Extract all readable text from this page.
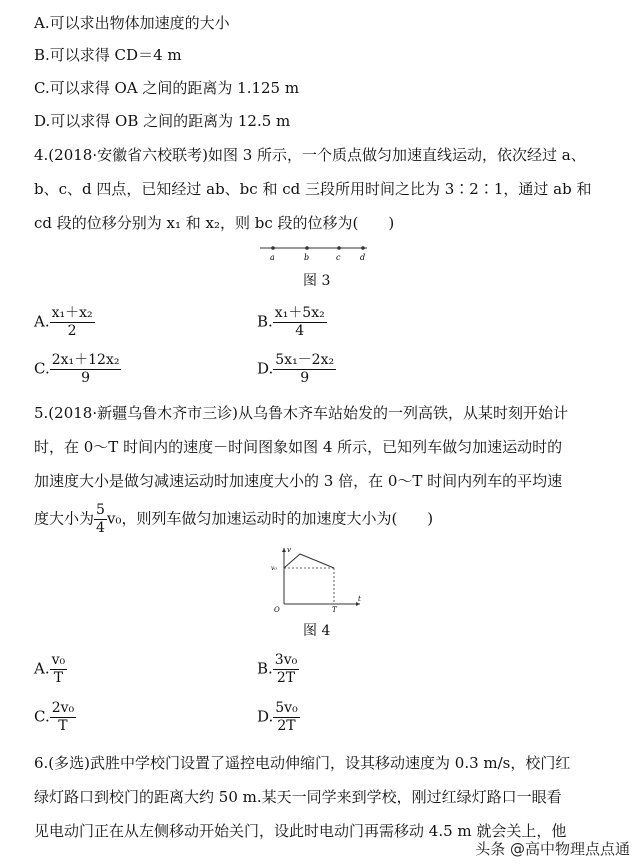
A.可以求出物体加速度的大小
B.可以求得 CD＝4 m
C.可以求得 OA 之间的距离为 1.125 m
D.可以求得 OB 之间的距离为 12.5 m
4.(2018·安徽省六校联考)如图 3 所示，一个质点做匀加速直线运动，依次经过 a、
b、c、d 四点，已知经过 ab、bc 和 cd 三段所用时间之比为 3∶2∶1，通过 ab 和
cd 段的位移分别为 x₁ 和 x₂，则 bc 段的位移为(　　)
a	b	c d
图 3
A. $\frac{\text{x₁＋x₂}}{2}$	B. $\frac{\text{x₁＋5x₂}}{4}$
C. $\frac{\text{2x₁＋12x₂}}{9}$	D. $\frac{\text{5x₁－2x₂}}{9}$
5.(2018·新疆乌鲁木齐市三诊)从乌鲁木齐车站始发的一列高铁，从某时刻开始计
时，在 0～T 时间内的速度－时间图象如图 4 所示，已知列车做匀加速运动时的
加速度大小是做匀减速运动时加速度大小的 3 倍，在 0～T 时间内列车的平均速
度大小为 $\frac{5}{4} v_0$，则列车做匀加速运动时的加速度大小为(　　)
v
v₀
O	T
t
图 4
A. $\frac{\text{v₀}}{T}$	B. $\frac{\text{3v₀}}{2T}$
C. $\frac{\text{2v₀}}{T}$	D. $\frac{\text{5v₀}}{2T}$
6.(多选)武胜中学校门设置了遥控电动伸缩门，设其移动速度为 0.3 m/s，校门红
绿灯路口到校门的距离大约 50 m.某天一同学来到学校，刚过红绿灯路口一眼看
见电动门正在从左侧移动开始关门，设此时电动门再需移动 4.5 m 就会关上，他
头条 @高中物理点点通
